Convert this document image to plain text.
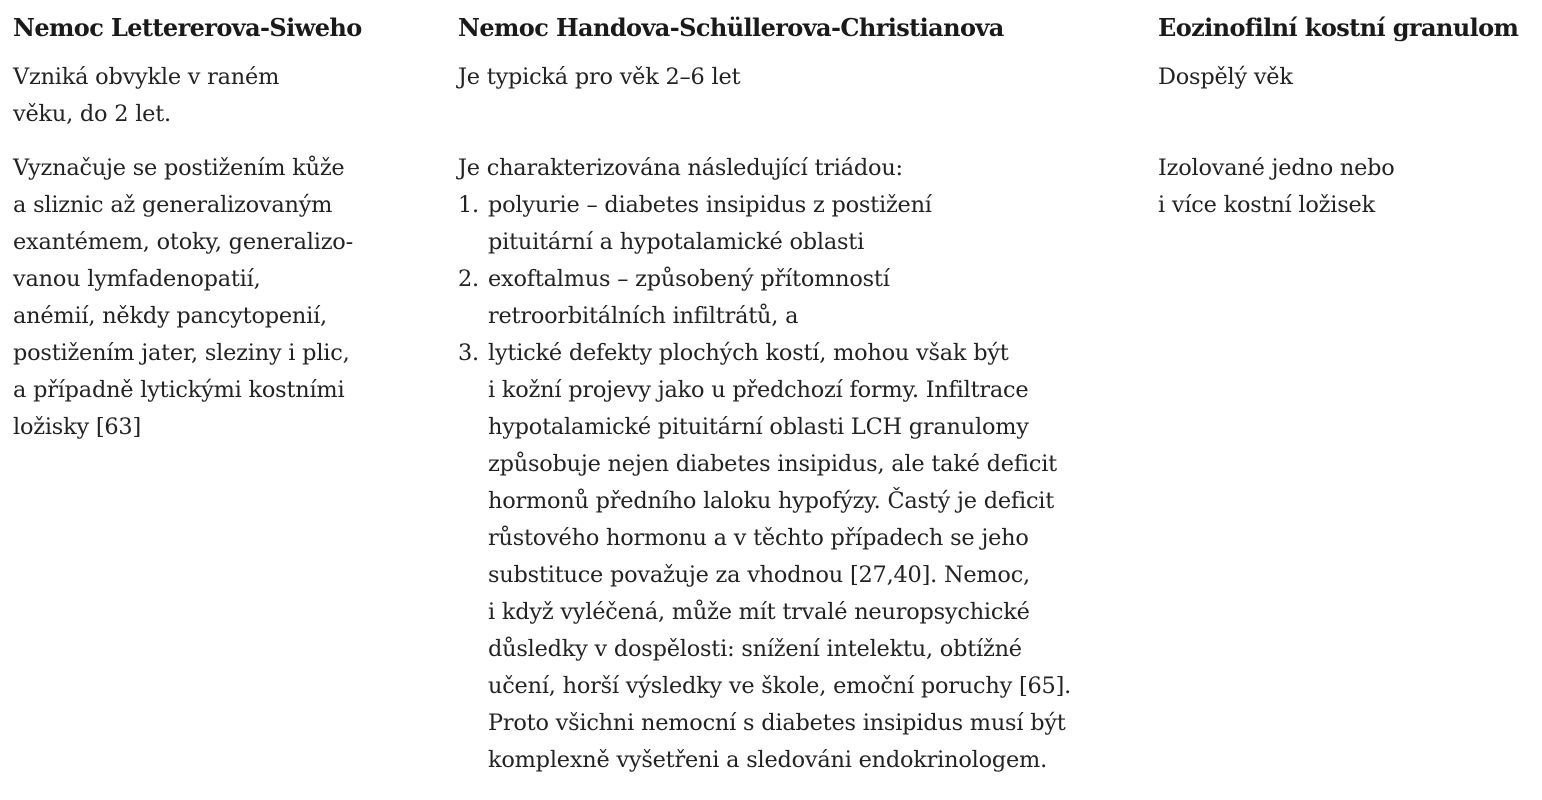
Nemoc Lettererova-Siweho
Vzniká obvykle v raném
věku, do 2 let.
Vyznačuje se postižením kůže
a sliznic až generalizovaným
exantémem, otoky, generalizo-
vanou lymfadenopatií,
anémií, někdy pancytopenií,
postižením jater, sleziny i plic,
a případně lytickými kostními
ložisky [63]
Nemoc Handova-Schüllerova-Christianova
Je typická pro věk 2–6 let
Je charakterizována následující triádou:
1. polyurie – diabetes insipidus z postižení
pituitární a hypotalamické oblasti
2. exoftalmus – způsobený přítomností
retroorbitálních infiltrátů, a
3. lytické defekty plochých kostí, mohou však být
i kožní projevy jako u předchozí formy. Infiltrace
hypotalamické pituitární oblasti LCH granulomy
způsobuje nejen diabetes insipidus, ale také deficit
hormonů předního laloku hypofýzy. Častý je deficit
růstového hormonu a v těchto případech se jeho
substituce považuje za vhodnou [27,40]. Nemoc,
i když vyléčená, může mít trvalé neuropsychické
důsledky v dospělosti: snížení intelektu, obtížné
učení, horší výsledky ve škole, emoční poruchy [65].
Proto všichni nemocní s diabetes insipidus musí být
komplexně vyšetřeni a sledováni endokrinologem.
Eozinofilní kostní granulom
Dospělý věk
Izolované jedno nebo
i více kostní ložisek
